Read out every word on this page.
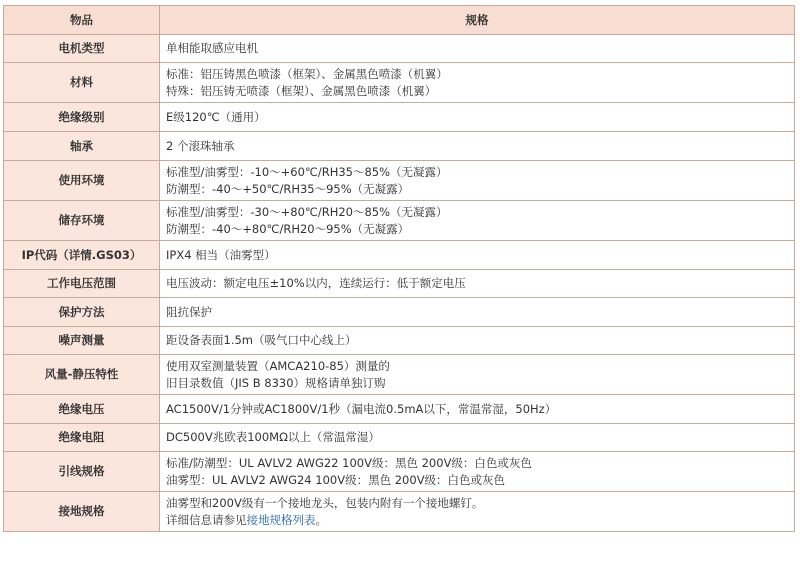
物品	规格
电机类型	单相能取感应电机

材料	标准：铝压铸黑色喷漆（框架）、金属黑色喷漆（机翼）
特殊：铝压铸无喷漆（框架）、金属黑色喷漆（机翼）

绝缘级别	E级120℃（通用）

轴承	2 个滚珠轴承

使用环境	标准型/油雾型：-10～+60℃/RH35～85%（无凝露）
防潮型：-40～+50℃/RH35～95%（无凝露）

储存环境	标准型/油雾型：-30～+80℃/RH20～85%（无凝露）
防潮型：-40～+80℃/RH20～95%（无凝露）

IP代码（详情.GS03）	IPX4 相当（油雾型）

工作电压范围	电压波动：额定电压±10%以内，连续运行：低于额定电压

保护方法	阻抗保护

噪声测量	距设备表面1.5m（吸气口中心线上）

风量-静压特性	使用双室测量装置（AMCA210-85）测量的
旧目录数值（JIS B 8330）规格请单独订购

绝缘电压	AC1500V/1分钟或AC1800V/1秒（漏电流0.5mA以下，常温常湿，50Hz）

绝缘电阻	DC500V兆欧表100MΩ以上（常温常湿）

引线规格	标准/防潮型：UL AVLV2 AWG22 100V级：黑色 200V级：白色或灰色
油雾型：UL AVLV2 AWG24 100V级：黑色 200V级：白色或灰色

接地规格	油雾型和200V级有一个接地龙头，包装内附有一个接地螺钉。
详细信息请参见接地规格列表。
